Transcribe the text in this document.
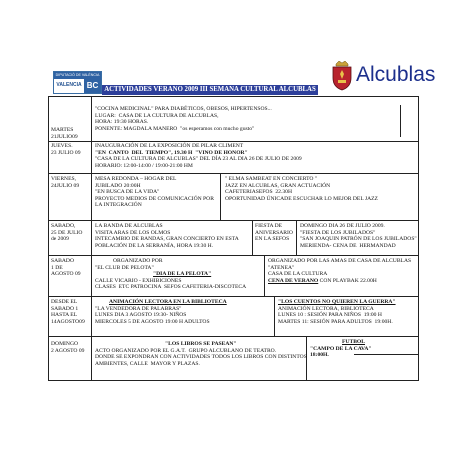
DIPUTACIÓ DE VALÈNCIA
VALENCIA BC ACTIVIDADES VERANO 2009 III SEMANA CULTURAL ALCUBLAS
Alcublas
MARTES
21JULIO09
"COCINA MEDICINAL" PARA DIABÉTICOS, OBESOS, HIPERTENSOS...
LUGAR:  CASA DE LA CULTURA DE ALCUBLAS,
HORA: 19:30 HORAS.
PONENTE: MAGDALA MANERO  "os esperamos con mucho gusto"
JUEVES.
23 JULIO 09
INAUGURACIÓN DE LA EXPOSICIÓN DE PILAR CLIMENT
"EN  CANTO  DEL  TIEMPO", 19.30 H  "VINO DE HONOR"
"CASA DE LA CULTURA DE ALCUBLAS" DEL DÍA 23 AL DIA 26 DE JULIO DE 2009
HORARIO: 12:00-14:00 / 19:00-21:00 HM
VIERNES,
24JULIO 09
MESA REDONDA – HOGAR DEL
JUBILADO 20:00H
"EN BUSCA DE LA VIDA"
PROYECTO MEDIOS DE COMUNICACIÓN POR
LA INTEGRACIÓN
" ELMA SAMBEAT EN CONCIERTO "
JAZZ EN ALCUBLAS, GRAN ACTUACIÓN
CAFETERIASEFOS  22.30H
OPORTUNIDAD ÚNICADE ESCUCHAR LO MEJOR DEL JAZZ
SABADO,
25 DE JULIO
de 2009
LA BANDA DE ALCUBLAS
VISITA ARAS DE LOS OLMOS
INTECAMBIO DE BANDAS, GRAN CONCIERTO EN ESTA
POBLACIÓN DE LA SERRANÍA, HORA 19:30 H.
FIESTA DE
ANIVERSARIO
EN LA SEFOS
DOMINGO DIA 26 DE JULIO 2009.
"FIESTA DE LOS JUBILADOS"
"SAN JOAQUIN PATRÓN DE LOS JUBILADOS"
MERIENDA- CENA DE  HERMANDAD
SABADO
1 DE
AGOSTO 09
ORGANIZADO POR
"EL CLUB DE PELOTA"
"DIA DE LA PELOTA"
CALLE VICARIO - EXHIBICIONES
CLASES  ETC PATROCINA  SEFOS CAFETERIA-DISCOTECA
ORGANIZADO POR LAS AMAS DE CASA DE ALCUBLAS
"ATENEA"
CASA DE LA CULTURA
CENA DE VERANO CON PLAYBAK 22.00H
DESDE EL
SABADO 1
HASTA EL
14AGOSTO09
ANIMACIÓN LECTORA EN LA BIBLIOTECA
"LA VENDEDORA DE PALABRAS"
LUNES DIA 3 AGOSTO 19:30- NIÑOS
MIERCOLES 5 DE AGOSTO 19:00 H ADULTOS
"LOS CUENTOS NO QUIEREN LA GUERRA"
ANIMACIÓN LECTORA, BIBLIOTECA
LUNES 10 : SESIÓN PARA NIÑOS  19:00 H
MARTES 11: SESIÓN PARA ADULTOS  19:00H.
DOMINGO
2 AGOSTO 09
"LOS LIBROS SE PASEAN"
ACTO ORGANIZADO POR EL G.A.T.  GRUPO ALCUBLANO DE TEATRO.
DONDE SE EXPONDRAN CON ACTIVIDADES TODOS LOS LIBROS CON DISTINTOS
AMBIENTES, CALLE  MAYOR Y PLAZAS.
FUTBOL
"CAMPO DE LA CAVA"
18:00H.
